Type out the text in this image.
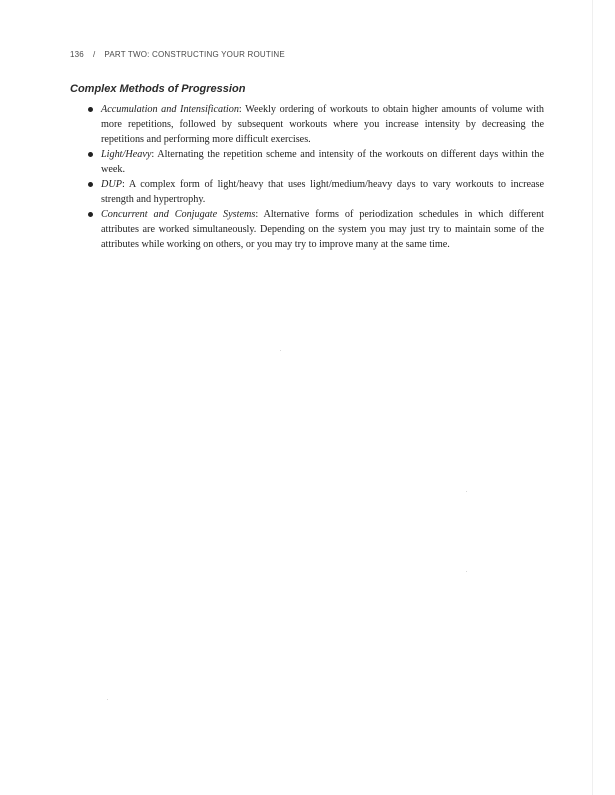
136 / PART TWO: CONSTRUCTING YOUR ROUTINE
Complex Methods of Progression
Accumulation and Intensification: Weekly ordering of workouts to obtain higher amounts of volume with more repetitions, followed by subsequent workouts where you increase intensity by decreasing the repetitions and performing more difficult exercises.
Light/Heavy: Alternating the repetition scheme and intensity of the workouts on different days within the week.
DUP: A complex form of light/heavy that uses light/medium/heavy days to vary workouts to increase strength and hypertrophy.
Concurrent and Conjugate Systems: Alternative forms of periodization schedules in which different attributes are worked simultaneously. Depending on the system you may just try to maintain some of the attributes while working on others, or you may try to improve many at the same time.
